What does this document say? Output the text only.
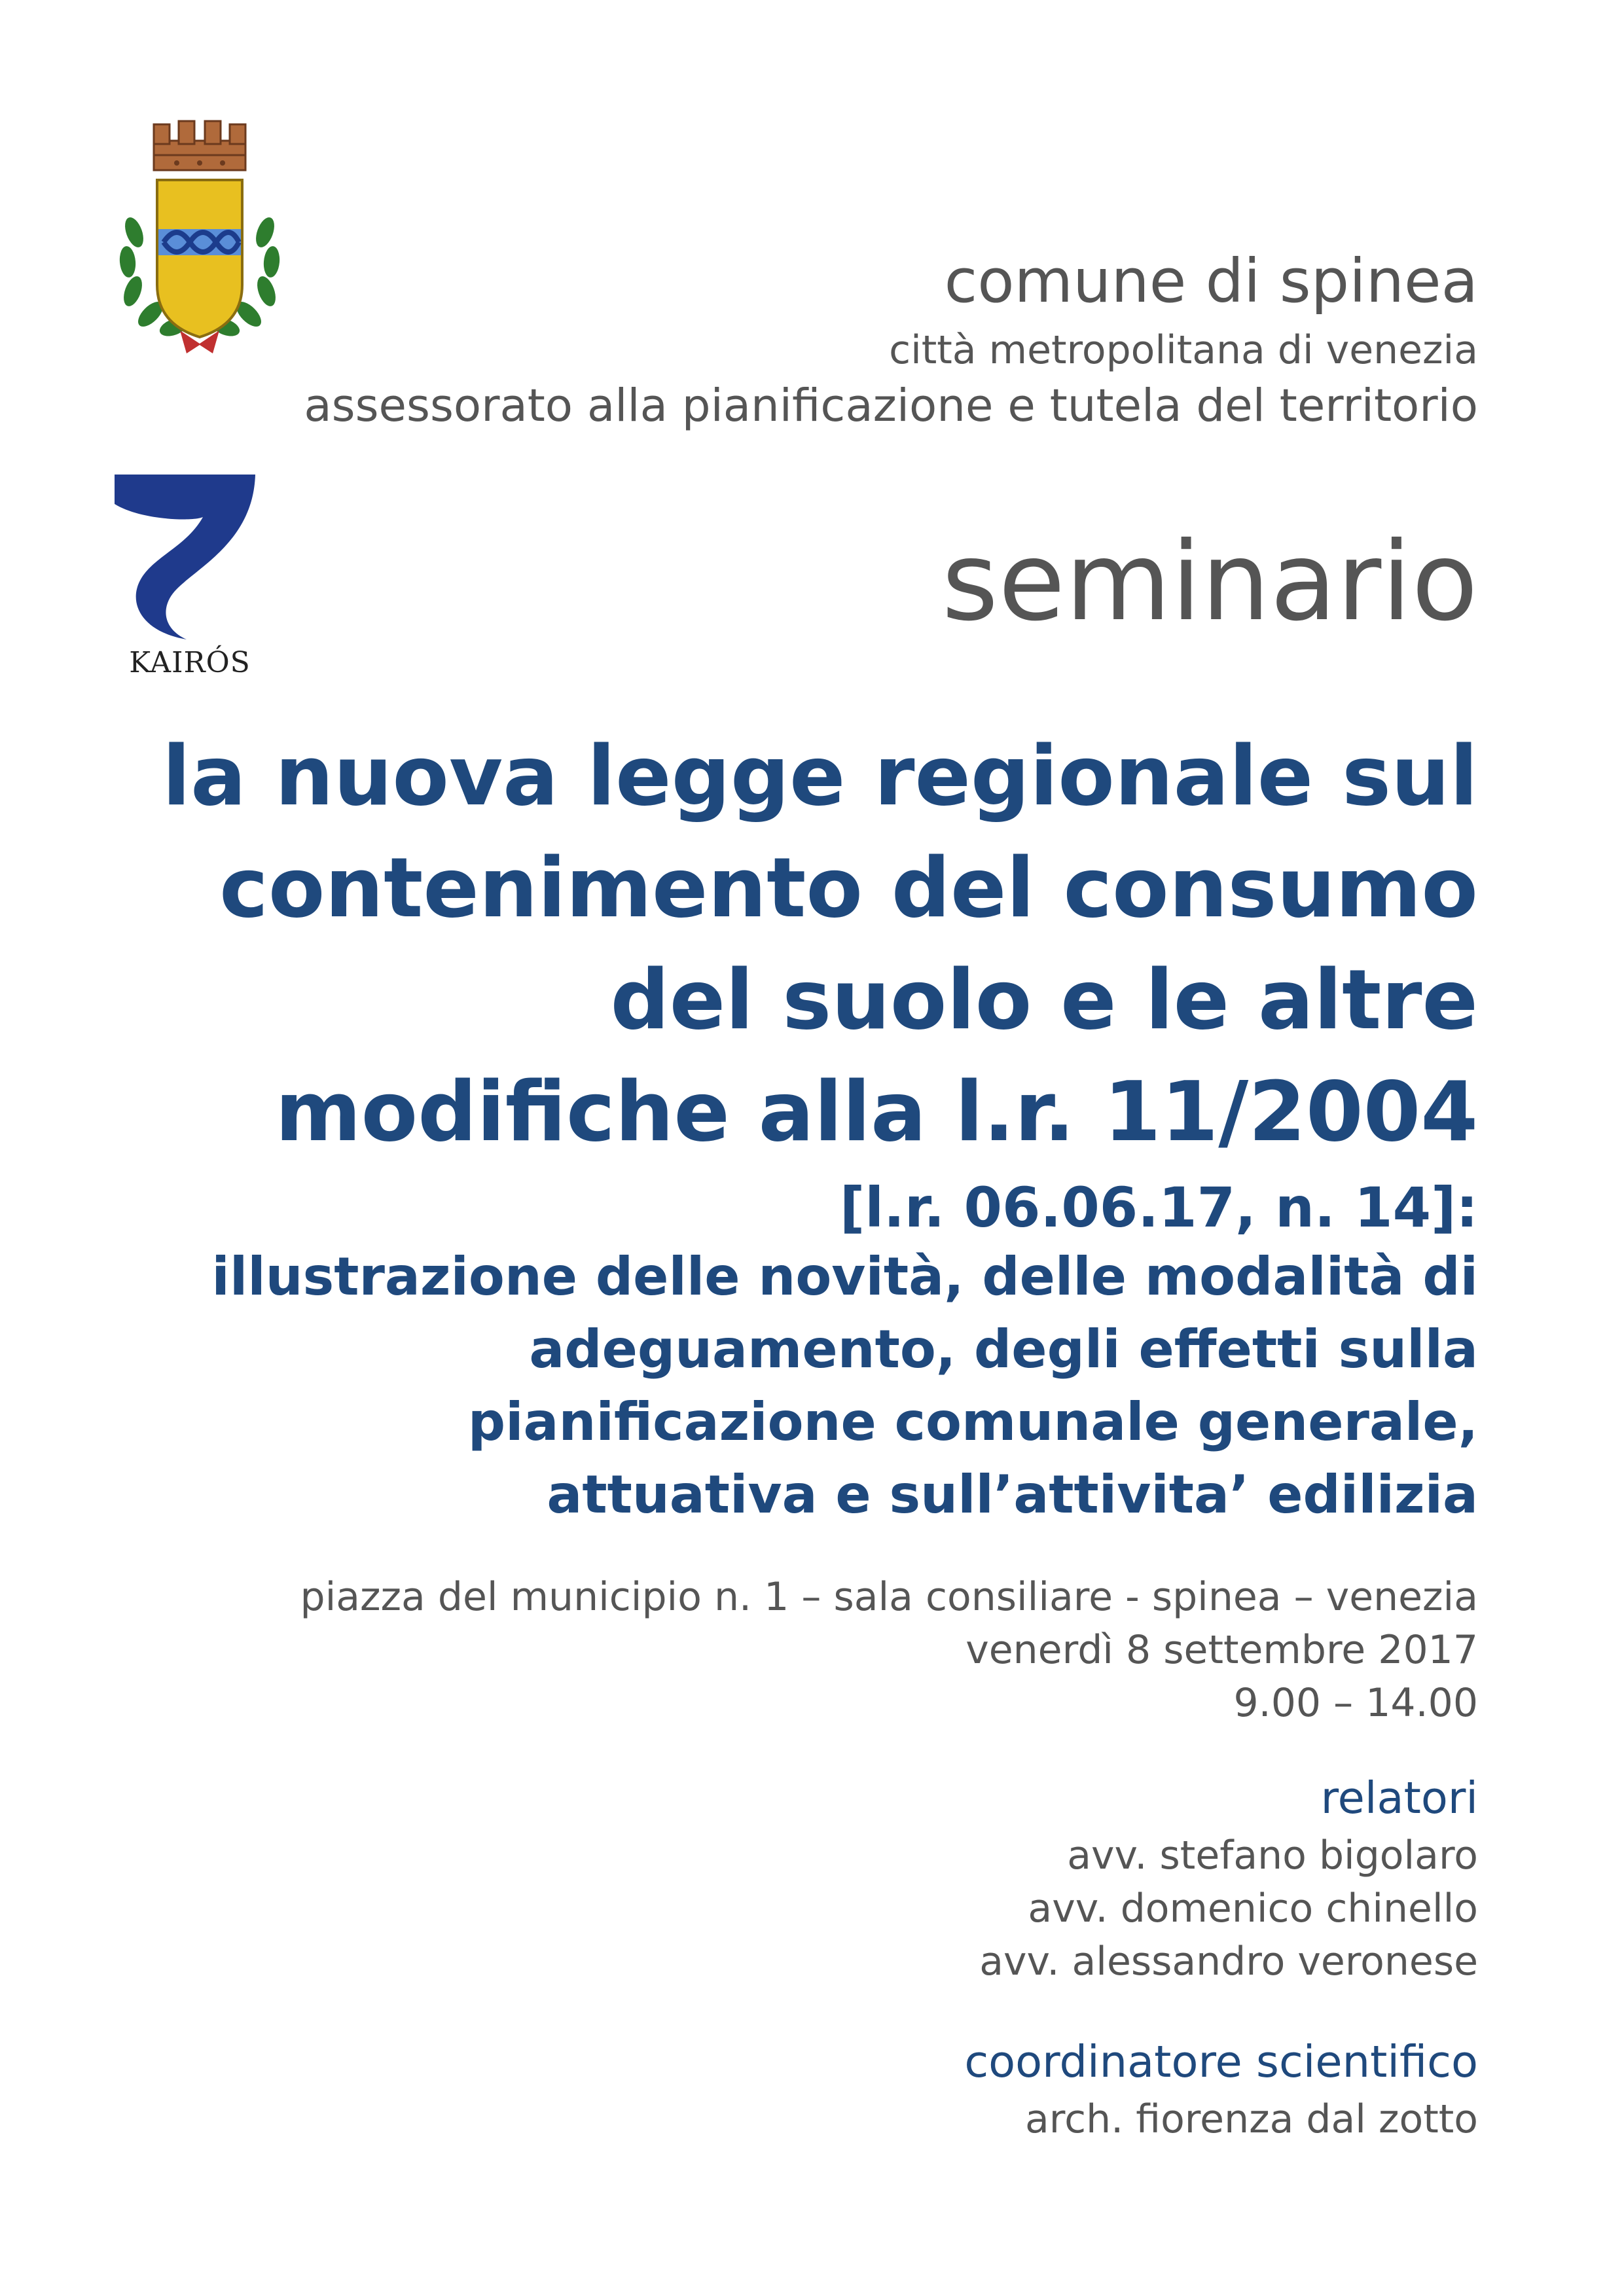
KAIRÓS
comune di spinea
città metropolitana di venezia
assessorato alla pianificazione e tutela del territorio
seminario
la nuova legge regionale sul
contenimento del consumo
del suolo e le altre
modifiche alla l.r. 11/2004
[l.r. 06.06.17, n. 14]:
illustrazione delle novità, delle modalità di
adeguamento, degli effetti sulla
pianificazione comunale generale,
attuativa e sull’attivita’ edilizia
piazza del municipio n. 1 – sala consiliare - spinea – venezia
venerdì 8 settembre 2017
9.00 – 14.00
relatori
avv. stefano bigolaro
avv. domenico chinello
avv. alessandro veronese
coordinatore scientifico
arch. fiorenza dal zotto
